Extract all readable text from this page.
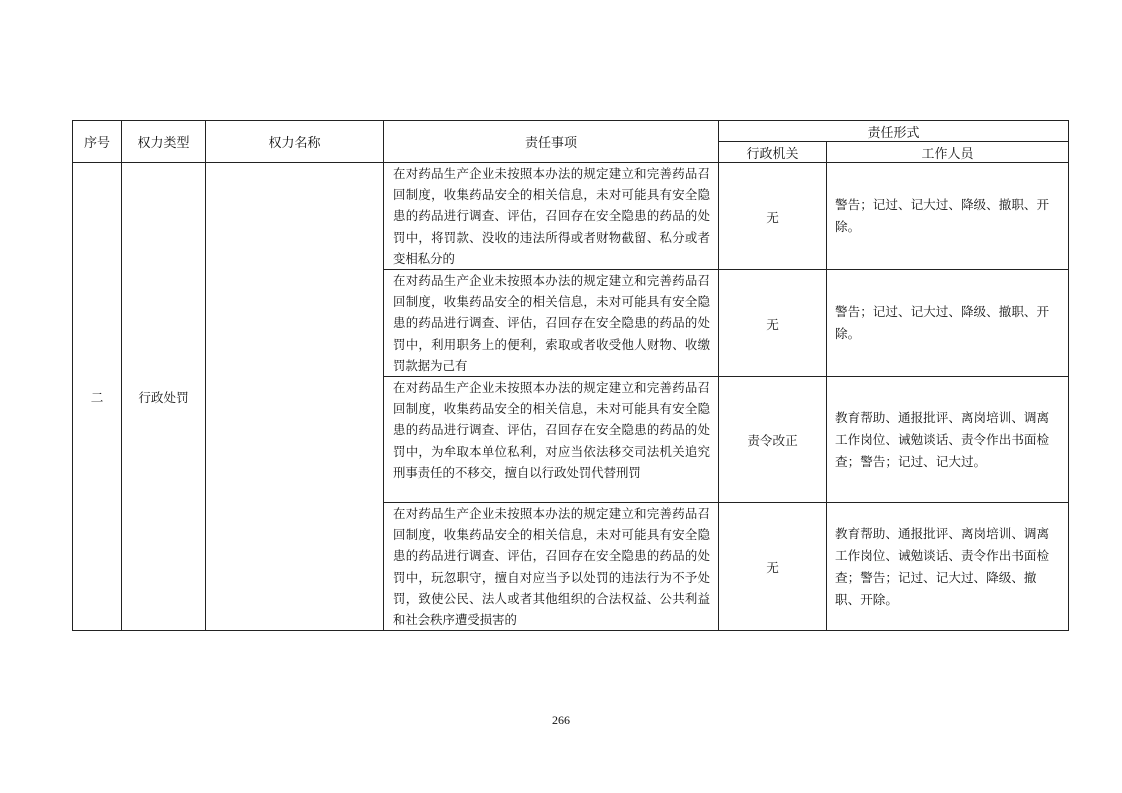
序号	权力类型	权力名称	责任事项	责任形式	
				行政机关	工作人员
二	行政处罚		在对药品生产企业未按照本办法的规定建立和完善药品召回制度，收集药品安全的相关信息，未对可能具有安全隐患的药品进行调查、评估，召回存在安全隐患的药品的处罚中，将罚款、没收的违法所得或者财物截留、私分或者变相私分的	无	警告；记过、记大过、降级、撤职、开除。
			在对药品生产企业未按照本办法的规定建立和完善药品召回制度，收集药品安全的相关信息，未对可能具有安全隐患的药品进行调查、评估，召回存在安全隐患的药品的处罚中，利用职务上的便利，索取或者收受他人财物、收缴罚款据为己有	无	警告；记过、记大过、降级、撤职、开除。
			在对药品生产企业未按照本办法的规定建立和完善药品召回制度，收集药品安全的相关信息，未对可能具有安全隐患的药品进行调查、评估，召回存在安全隐患的药品的处罚中，为牟取本单位私利，对应当依法移交司法机关追究刑事责任的不移交，擅自以行政处罚代替刑罚	责令改正	教育帮助、通报批评、离岗培训、调离工作岗位、诫勉谈话、责令作出书面检查；警告；记过、记大过。
			在对药品生产企业未按照本办法的规定建立和完善药品召回制度，收集药品安全的相关信息，未对可能具有安全隐患的药品进行调查、评估，召回存在安全隐患的药品的处罚中，玩忽职守，擅自对应当予以处罚的违法行为不予处罚，致使公民、法人或者其他组织的合法权益、公共利益和社会秩序遭受损害的	无	教育帮助、通报批评、离岗培训、调离工作岗位、诫勉谈话、责令作出书面检查；警告；记过、记大过、降级、撤职、开除。
266
